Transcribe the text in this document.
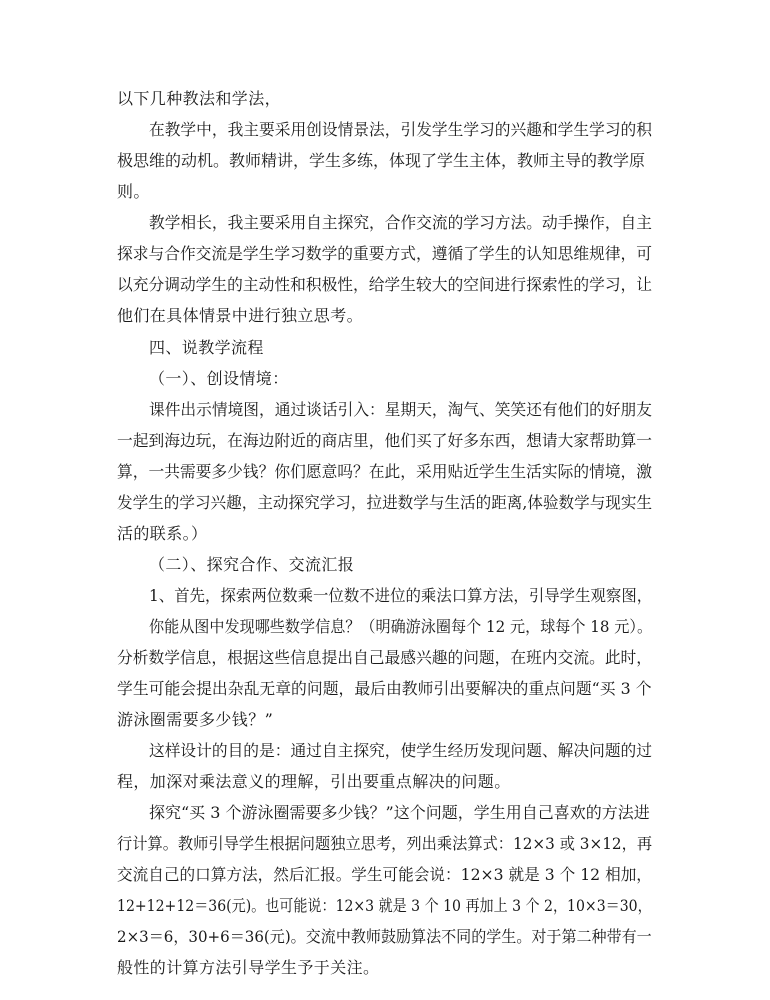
以下几种教法和学法，
在教学中，我主要采用创设情景法，引发学生学习的兴趣和学生学习的积
极思维的动机。教师精讲，学生多练，体现了学生主体，教师主导的教学原
则。
教学相长，我主要采用自主探究，合作交流的学习方法。动手操作，自主
探求与合作交流是学生学习数学的重要方式，遵循了学生的认知思维规律，可
以充分调动学生的主动性和积极性，给学生较大的空间进行探索性的学习，让
他们在具体情景中进行独立思考。
四、说教学流程
（一）、创设情境：
课件出示情境图，通过谈话引入：星期天，淘气、笑笑还有他们的好朋友
一起到海边玩，在海边附近的商店里，他们买了好多东西，想请大家帮助算一
算，一共需要多少钱？你们愿意吗？在此，采用贴近学生生活实际的情境，激
发学生的学习兴趣，主动探究学习，拉进数学与生活的距离,体验数学与现实生
活的联系。）
（二）、探究合作、交流汇报
1、首先，探索两位数乘一位数不进位的乘法口算方法，引导学生观察图，
你能从图中发现哪些数学信息？（明确游泳圈每个 12 元，球每个 18 元）。
分析数学信息，根据这些信息提出自己最感兴趣的问题，在班内交流。此时，
学生可能会提出杂乱无章的问题，最后由教师引出要解决的重点问题“买 3 个
游泳圈需要多少钱？”
这样设计的目的是：通过自主探究，使学生经历发现问题、解决问题的过
程，加深对乘法意义的理解，引出要重点解决的问题。
探究“买 3 个游泳圈需要多少钱？”这个问题，学生用自己喜欢的方法进
行计算。教师引导学生根据问题独立思考，列出乘法算式：12×3 或 3×12，再
交流自己的口算方法，然后汇报。学生可能会说：12×3 就是 3 个 12 相加，
12+12+12＝36(元)。也可能说：12×3 就是 3 个 10 再加上 3 个 2，10×3＝30，
2×3＝6，30+6＝36(元)。交流中教师鼓励算法不同的学生。对于第二种带有一
般性的计算方法引导学生予于关注。
